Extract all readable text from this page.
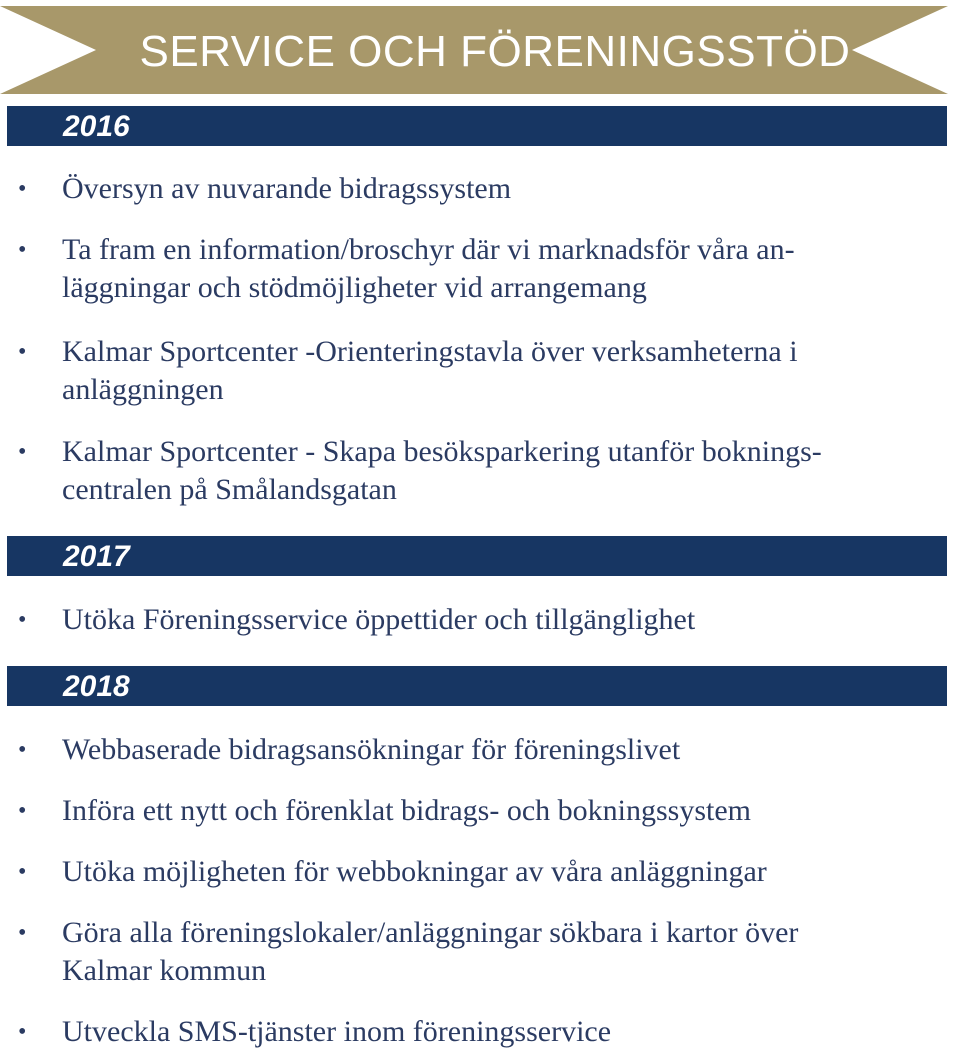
SERVICE OCH FÖRENINGSSTÖD
2016
• Översyn av nuvarande bidragssystem
• Ta fram en information/broschyr där vi marknadsför våra an-
läggningar och stödmöjligheter vid arrangemang
• Kalmar Sportcenter -Orienteringstavla över verksamheterna i
anläggningen
• Kalmar Sportcenter - Skapa besöksparkering utanför boknings-
centralen på Smålandsgatan
2017
• Utöka Föreningsservice öppettider och tillgänglighet
2018
• Webbaserade bidragsansökningar för föreningslivet
• Införa ett nytt och förenklat bidrags- och bokningssystem
• Utöka möjligheten för webbokningar av våra anläggningar
• Göra alla föreningslokaler/anläggningar sökbara i kartor över
Kalmar kommun
• Utveckla SMS-tjänster inom föreningsservice
